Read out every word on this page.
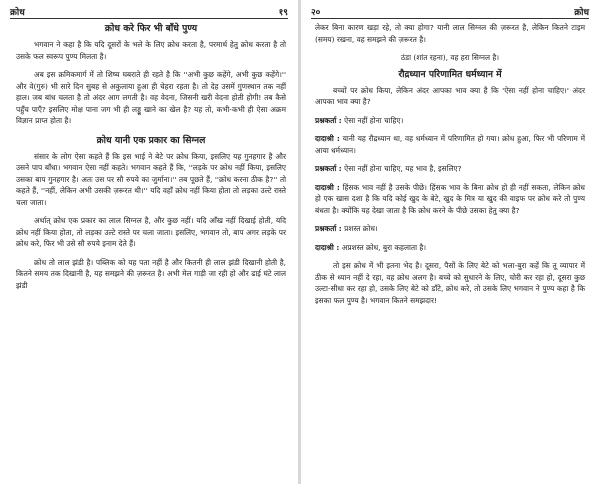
क्रोध	१९
क्रोध करे फिर भी बाँधे पुण्य

भगवान ने कहा है कि यदि दूसरों के भले के लिए क्रोध करता है, परमार्थ हेतु क्रोध करता है तो उसके फल स्वरूप पुण्य मिलता है।

अब इस क्रमिकमार्ग में तो शिष्य घबराते ही रहते है कि ''अभी कुछ कहेंगे, अभी कुछ कहेंगे।'' और वे(गुरु) भी सारे दिन सुबह से अकुलाया हुआ ही चेहरा रहता है। तो देह उसमें गुणस्थान तक नहीं हाल। जब बांध चलता है तो अंदर आग लगती है। वह वेदना, जिसनी खरी वेदना होती होगी! तब कैसे पहुँच पाएँ? इसलिए मोक्ष पाना जग भी ही लड्डू खाने का खेल है? यह तो, कभी-कभी ही ऐसा अक्रम विज्ञान प्राप्त होता है।

क्रोध यानी एक प्रकार का सिग्नल

संसार के लोग ऐसा कहते हैं कि इस भाई ने बेटे पर क्रोध किया, इसलिए यह गुनहगार है और उसने पाप बाँधा। भगवान ऐसा नहीं कहते। भगवान कहते हैं कि, ''लड़के पर क्रोध नहीं किया, इसलिए उसका बाप गुनहगार है। अतः उस पर सौ रुपये का जुर्माना।'' तब पूछते हैं, ''क्रोध करना ठीक है?'' तो कहते हैं, ''नहीं, लेकिन अभी उसकी ज़रूरत थी।'' यदि वहाँ क्रोध नहीं किया होता तो लड़का उल्टे रास्ते चला जाता।

अर्थात् क्रोध एक प्रकार का लाल सिग्नल है, और कुछ नहीं। यदि आँख नहीं दिखाई होती, यदि क्रोध नहीं किया होता, तो लड़का उल्टे रास्ते पर चला जाता। इसलिए, भगवान तो, बाप अगर लड़के पर क्रोध करे, फिर भी उसे सौ रुपये इनाम देते हैं।

क्रोध तो लाल झंडी है। पब्लिक को यह पता नहीं है और कितनी ही लाल झंडी दिखानी होती है, कितने समय तक दिखानी है, यह समझने की ज़रूरत है। अभी मेल गाड़ी जा रही हो और ढाई घंटे लाल झंडी

२०	क्रोध

लेकर बिना कारण खड़ा रहे, तो क्या होगा? यानी लाल सिग्नल की ज़रूरत है, लेकिन कितने टाइम (समय) रखना, वह समझने की ज़रूरत है।

ठंडा (शांत रहना), वह हरा सिग्नल है।

रौद्रध्यान परिणामित धर्मध्यान में

बच्चों पर क्रोध किया, लेकिन अंदर आपका भाव क्या है कि 'ऐसा नहीं होना चाहिए।' अंदर आपका भाव क्या है?

प्रश्नकर्ता : ऐसा नहीं होना चाहिए।

दादाश्री : यानी यह रौद्रध्यान था, वह धर्मध्यान में परिणामित हो गया। क्रोध हुआ, फिर भी परिणाम में आया धर्मध्यान।

प्रश्नकर्ता : ऐसा नहीं होना चाहिए, यह भाव है, इसलिए?

दादाश्री : हिंसक भाव नहीं है उसके पीछे। हिंसक भाव के बिना क्रोध हो ही नहीं सकता, लेकिन क्रोध हो एक खास दशा है कि यदि कोई खुद के बेटे, खुद के मित्र या खुद की वाइफ पर क्रोध करे तो पुण्य बंधता है। क्योंकि यह देखा जाता है कि क्रोध करने के पीछे उसका हेतु क्या है?

प्रश्नकर्ता : प्रशस्त क्रोध।

दादाश्री : अप्रशस्त क्रोध, बुरा कहलाता है।

तो इस क्रोध में भी इतना भेद है। दूसरा, पैसों के लिए बेटे को भला-बुरा कहें कि तू व्यापार में ठीक से ध्यान नहीं दे रहा, वह क्रोध अलग है। बच्चे को सुधारने के लिए, चोरी कर रहा हो, दूसरा कुछ उल्टा-सीधा कर रहा हो, उसके लिए बेटे को डाँटे, क्रोध करे, तो उसके लिए भगवान ने पुण्य कहा है कि इसका फल पुण्य है। भगवान कितने समझदार!
